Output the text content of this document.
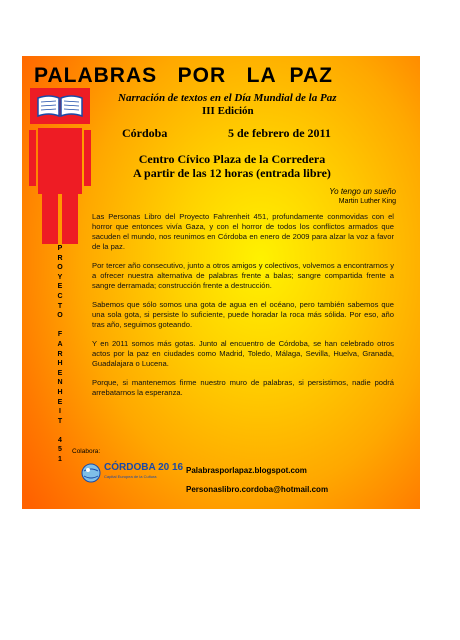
PALABRAS   POR   LA  PAZ
Narración de textos en el Día Mundial de la Paz
III Edición
Córdoba	5 de febrero de 2011
Centro Cívico Plaza de la Corredera
A partir de las 12 horas (entrada libre)
Yo tengo un sueño
Martin Luther King
P
R
O
Y
E
C
T
O
F
A
R
H
E
N
H
E
I
T
4
5
1

Las Personas Libro del Proyecto Fahrenheit 451, profundamente conmovidas con el horror que entonces vivía Gaza, y con el horror de todos los conflictos armados que sacuden el mundo, nos reunimos en Córdoba en enero de 2009 para alzar la voz a favor de la paz.

Por tercer año consecutivo, junto a otros amigos y colectivos, volvemos a encontrarnos y a ofrecer nuestra alternativa de palabras frente a balas; sangre compartida frente a sangre derramada; construcción frente a destrucción.

Sabemos que sólo somos una gota de agua en el océano, pero también sabemos que una sola gota, si persiste lo suficiente, puede horadar la roca más sólida. Por eso, año tras año, seguimos goteando.

Y en 2011 somos más gotas. Junto al encuentro de Córdoba, se han celebrado otros actos por la paz en ciudades como Madrid, Toledo, Málaga, Sevilla, Huelva, Granada, Guadalajara o Lucena.

Porque, si mantenemos firme nuestro muro de palabras, si persistimos, nadie podrá arrebatarnos la esperanza.

Colabora:
CÓRDOBA 20 16
Capital Europea de la Cultura
Palabrasporlapaz.blogspot.com
Personaslibro.cordoba@hotmail.com
